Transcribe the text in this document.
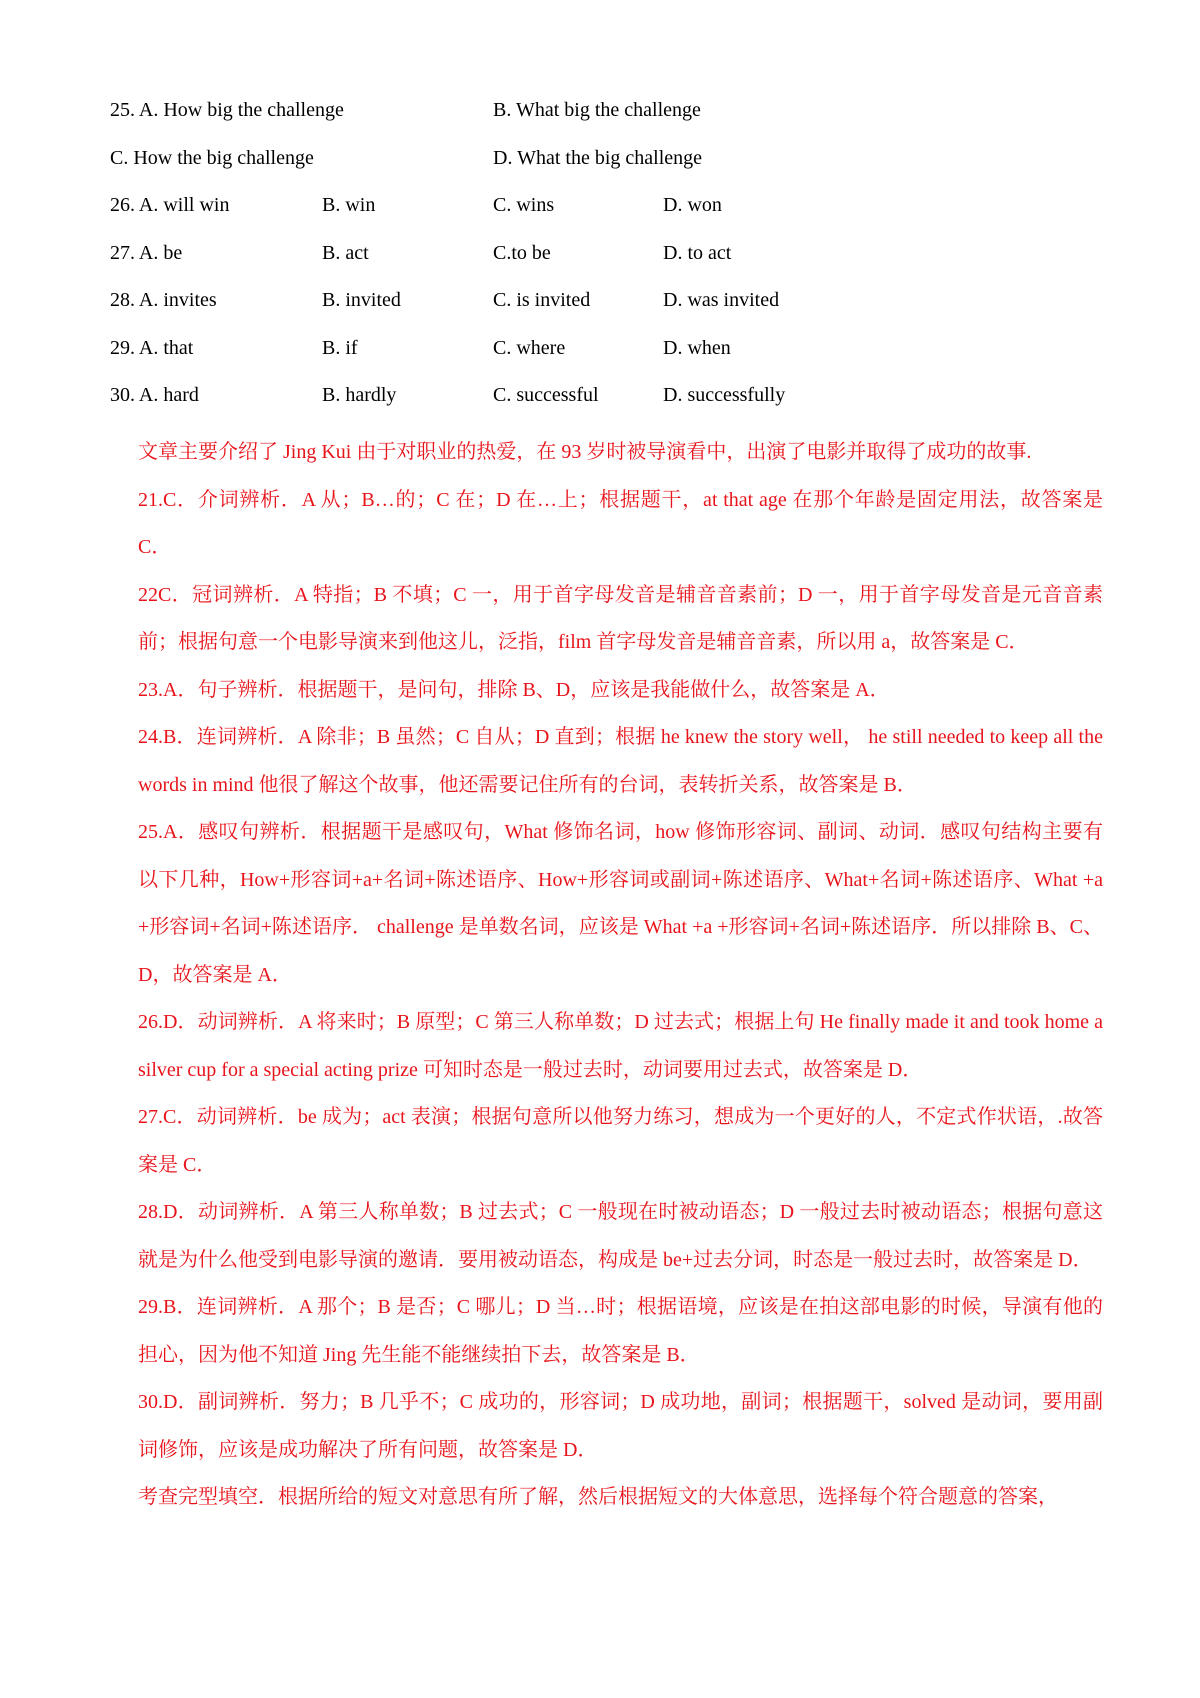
25. A. How big the challenge	B. What big the challenge
C. How the big challenge	D. What the big challenge
26. A. will win	B. win	C. wins	D. won
27. A. be	B. act	C.to be	D. to act
28. A. invites	B. invited	C. is invited	D. was invited
29. A. that	B. if	C. where	D. when
30. A. hard	B. hardly	C. successful	D. successfully

文章主要介绍了 Jing Kui 由于对职业的热爱，在 93 岁时被导演看中，出演了电影并取得了成功的故事.

21.C．介词辨析．A 从；B…的；C 在；D 在…上；根据题干，at that age 在那个年龄是固定用法，故答案是 C．

22C．冠词辨析．A 特指；B 不填；C 一，用于首字母发音是辅音音素前；D 一，用于首字母发音是元音音素前；根据句意一个电影导演来到他这儿，泛指，film 首字母发音是辅音音素，所以用 a，故答案是 C．

23.A．句子辨析．根据题干，是问句，排除 B、D，应该是我能做什么，故答案是 A．

24.B．连词辨析．A 除非；B 虽然；C 自从；D 直到；根据 he knew the story well， he still needed to keep all the words in mind 他很了解这个故事，他还需要记住所有的台词，表转折关系，故答案是 B．

25.A．感叹句辨析．根据题干是感叹句，What 修饰名词，how 修饰形容词、副词、动词．感叹句结构主要有以下几种，How+形容词+a+名词+陈述语序、How+形容词或副词+陈述语序、What+名词+陈述语序、What +a +形容词+名词+陈述语序． challenge 是单数名词，应该是 What +a +形容词+名词+陈述语序．所以排除 B、C、D，故答案是 A．

26.D．动词辨析．A 将来时；B 原型；C 第三人称单数；D 过去式；根据上句 He finally made it and took home a silver cup for a special acting prize 可知时态是一般过去时，动词要用过去式，故答案是 D．

27.C．动词辨析．be 成为；act 表演；根据句意所以他努力练习，想成为一个更好的人，不定式作状语，.故答案是 C．

28.D．动词辨析．A 第三人称单数；B 过去式；C 一般现在时被动语态；D 一般过去时被动语态；根据句意这就是为什么他受到电影导演的邀请．要用被动语态，构成是 be+过去分词，时态是一般过去时，故答案是 D．

29.B．连词辨析．A 那个；B 是否；C 哪儿；D 当…时；根据语境，应该是在拍这部电影的时候，导演有他的担心，因为他不知道 Jing 先生能不能继续拍下去，故答案是 B．

30.D．副词辨析．努力；B 几乎不；C 成功的，形容词；D 成功地，副词；根据题干，solved 是动词，要用副词修饰，应该是成功解决了所有问题，故答案是 D．

考查完型填空．根据所给的短文对意思有所了解，然后根据短文的大体意思，选择每个符合题意的答案，
